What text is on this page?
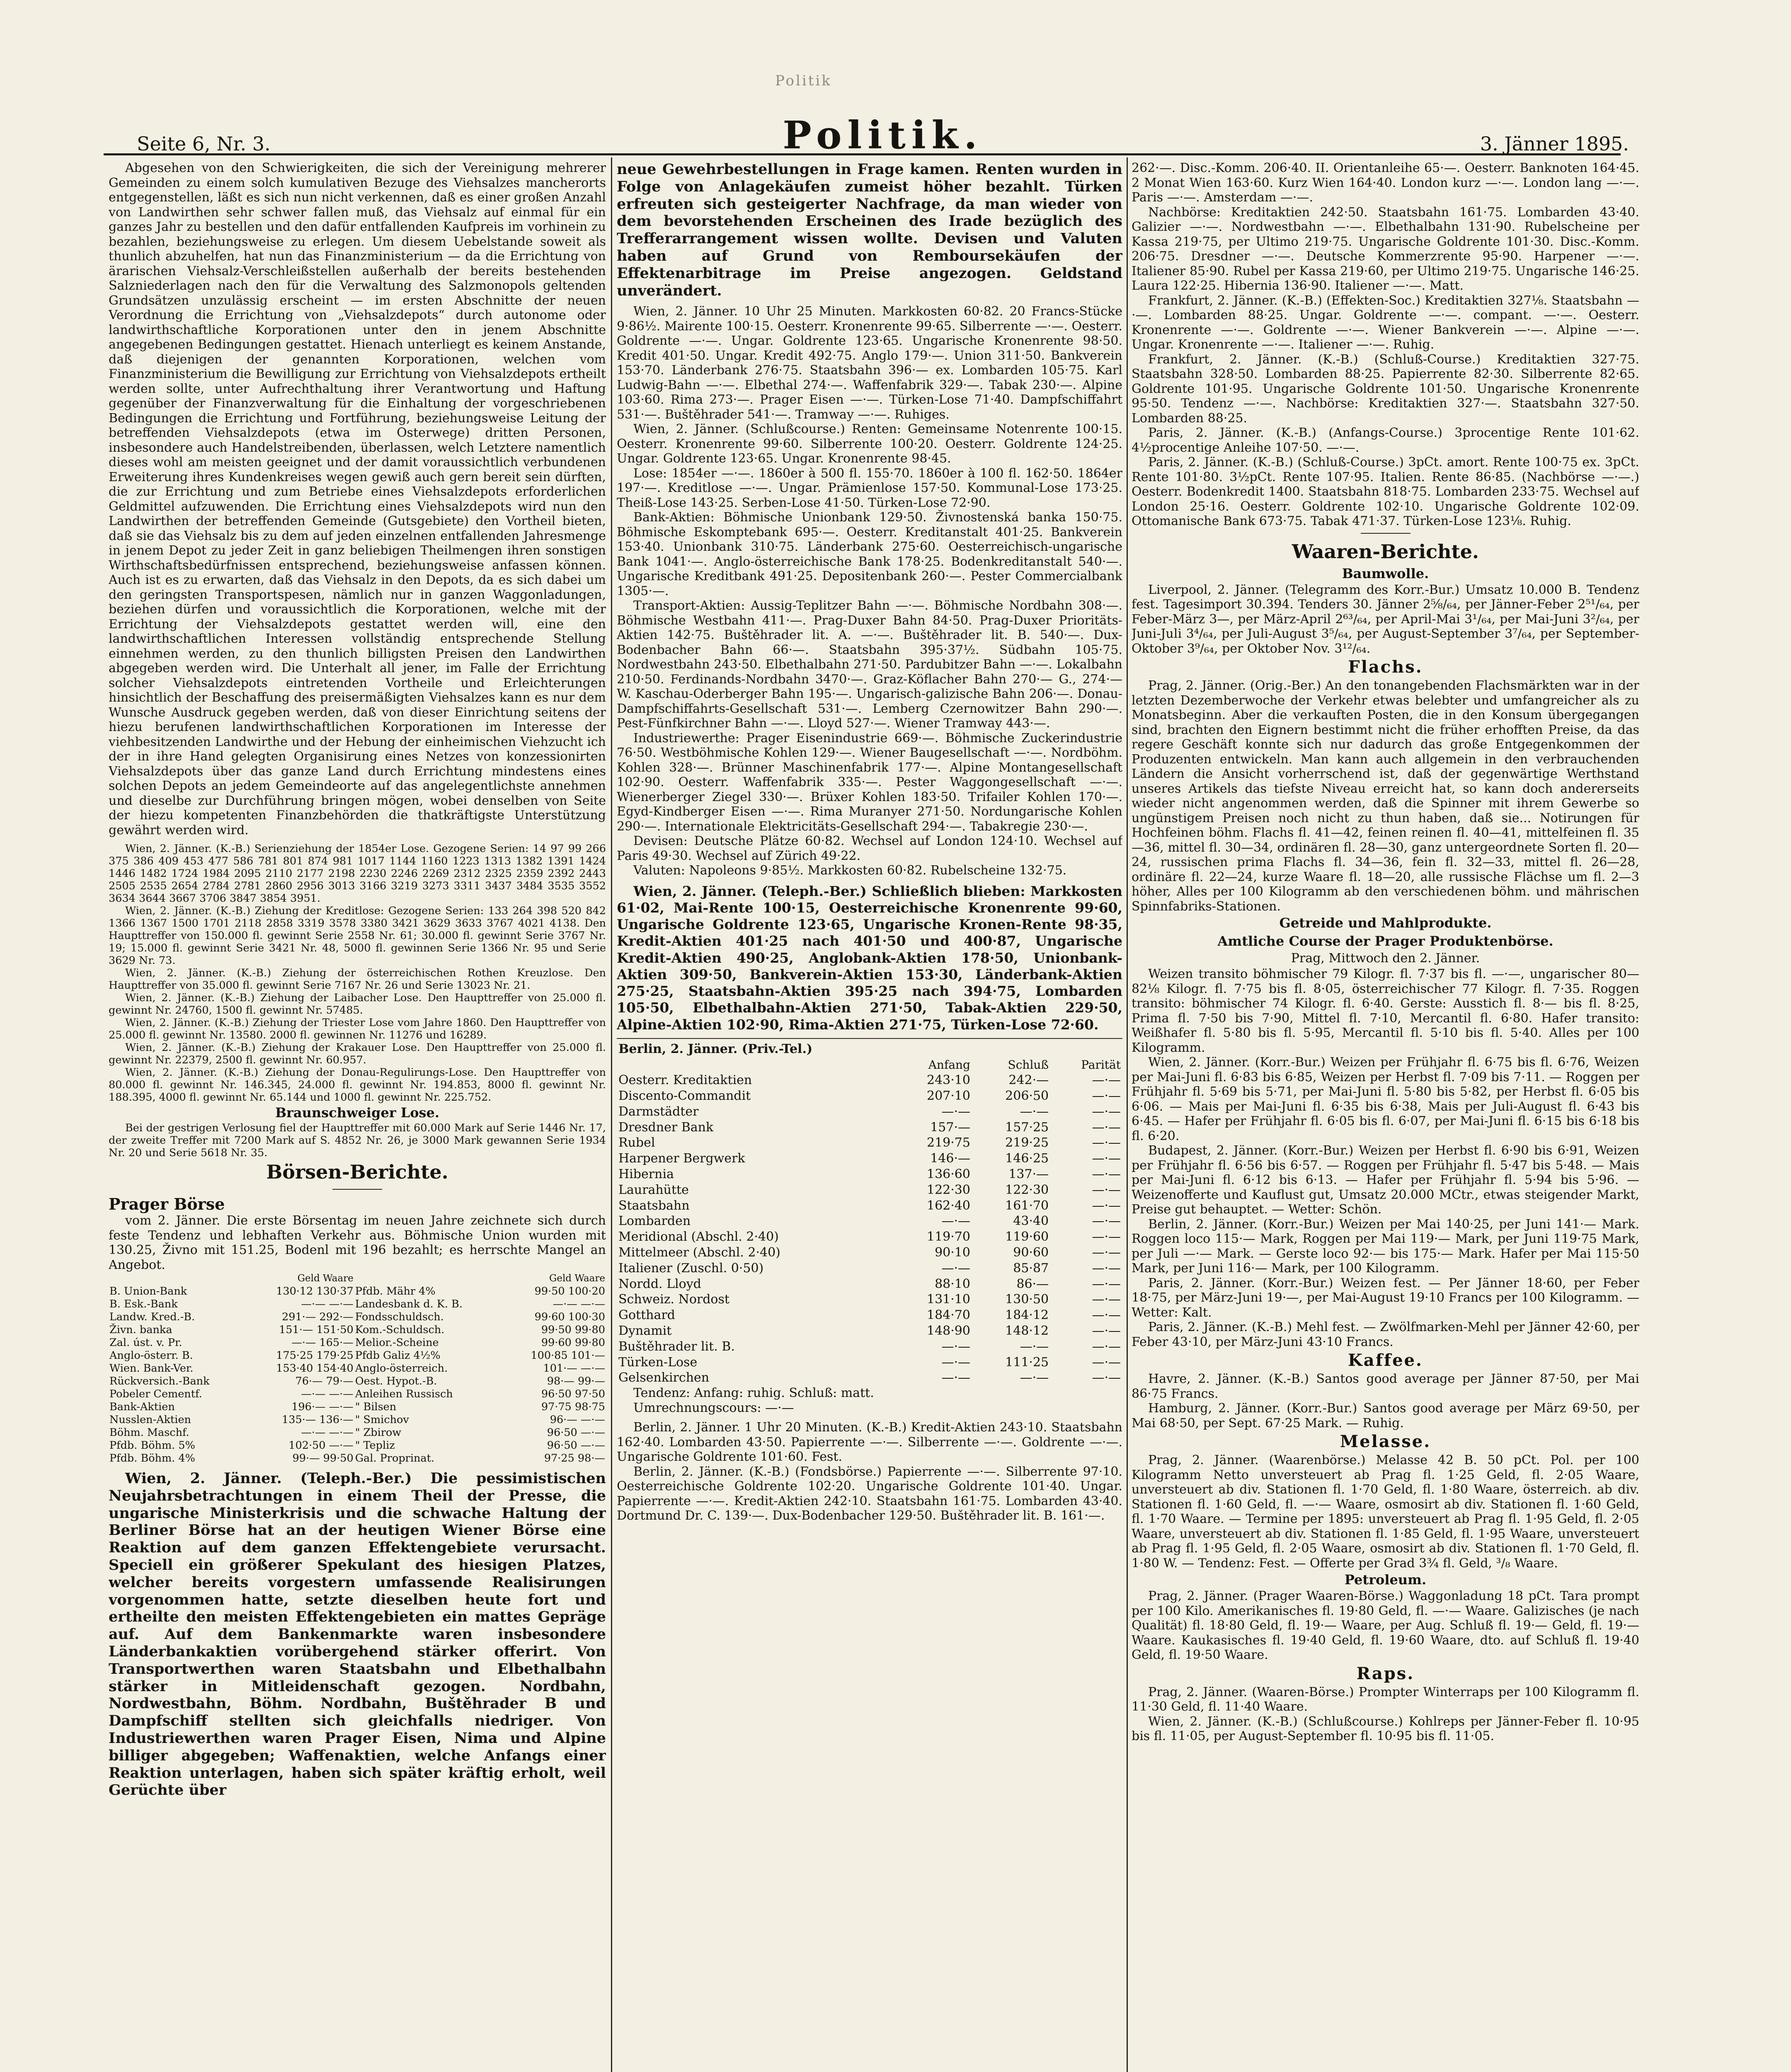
Politik
Seite 6, Nr. 3.	Politik.	3. Jänner 1895.

Abgesehen von den Schwierigkeiten, die sich der Vereinigung mehrerer Gemeinden zu einem solch kumulativen Bezuge des Viehsalzes mancherorts entgegenstellen, läßt es sich nun nicht verkennen, daß es einer großen Anzahl von Landwirthen sehr schwer fallen muß, das Viehsalz auf einmal für ein ganzes Jahr zu bestellen und den dafür entfallenden Kaufpreis im vorhinein zu bezahlen, beziehungsweise zu erlegen. Um diesem Uebelstande soweit als thunlich abzuhelfen, hat nun das Finanzministerium — da die Errichtung von ärarischen Viehsalz-Verschleißstellen außerhalb der bereits bestehenden Salzniederlagen nach den für die Verwaltung des Salzmonopols geltenden Grundsätzen unzulässig erscheint — im ersten Abschnitte der neuen Verordnung die Errichtung von „Viehsalzdepots“ durch autonome oder landwirthschaftliche Korporationen unter den in jenem Abschnitte angegebenen Bedingungen gestattet. Hienach unterliegt es keinem Anstande, daß diejenigen der genannten Korporationen, welchen vom Finanzministerium die Bewilligung zur Errichtung von Viehsalzdepots ertheilt werden sollte, unter Aufrechthaltung ihrer Verantwortung und Haftung gegenüber der Finanzverwaltung für die Einhaltung der vorgeschriebenen Bedingungen die Errichtung und Fortführung, beziehungsweise Leitung der betreffenden Viehsalzdepots (etwa im Osterwege) dritten Personen, insbesondere auch Handelstreibenden, überlassen, welch Letztere namentlich dieses wohl am meisten geeignet und der damit voraussichtlich verbundenen Erweiterung ihres Kundenkreises wegen gewiß auch gern bereit sein dürften, die zur Errichtung und zum Betriebe eines Viehsalzdepots erforderlichen Geldmittel aufzuwenden. Die Errichtung eines Viehsalzdepots wird nun den Landwirthen der betreffenden Gemeinde (Gutsgebiete) den Vortheil bieten, daß sie das Viehsalz bis zu dem auf jeden einzelnen entfallenden Jahresmenge in jenem Depot zu jeder Zeit in ganz beliebigen Theilmengen ihren sonstigen Wirthschaftsbedürfnissen entsprechend, beziehungsweise anfassen können. Auch ist es zu erwarten, daß das Viehsalz in den Depots, da es sich dabei um den geringsten Transportspesen, nämlich nur in ganzen Waggonladungen, beziehen dürfen und voraussichtlich die Korporationen, welche mit der Errichtung der Viehsalzdepots gestattet werden will, eine den landwirthschaftlichen Interessen vollständig entsprechende Stellung einnehmen werden, zu den thunlich billigsten Preisen den Landwirthen abgegeben werden wird. Die Unterhalt all jener, im Falle der Errichtung solcher Viehsalzdepots eintretenden Vortheile und Erleichterungen hinsichtlich der Beschaffung des preisermäßigten Viehsalzes kann es nur dem Wunsche Ausdruck gegeben werden, daß von dieser Einrichtung seitens der hiezu berufenen landwirthschaftlichen Korporationen im Interesse der viehbesitzenden Landwirthe und der Hebung der einheimischen Viehzucht ich der in ihre Hand gelegten Organisirung eines Netzes von konzessionirten Viehsalzdepots über das ganze Land durch Errichtung mindestens eines solchen Depots an jedem Gemeindeorte auf das angelegentlichste annehmen und dieselbe zur Durchführung bringen mögen, wobei denselben von Seite der hiezu kompetenten Finanzbehörden die thatkräftigste Unterstützung gewährt werden wird.

Wien, 2. Jänner. (K.-B.) Serienziehung der 1854er Lose. Gezogene Serien: 14 97 99 266 375 386 409 453 477 586 781 801 874 981 1017 1144 1160 1223 1313 1382 1391 1424 1446 1482 1724 1984 2095 2110 2177 2198 2230 2246 2269 2312 2325 2359 2392 2443 2505 2535 2654 2784 2781 2860 2956 3013 3166 3219 3273 3311 3437 3484 3535 3552 3634 3644 3667 3706 3847 3854 3951.

Wien, 2. Jänner. (K.-B.) Ziehung der Kreditlose: Gezogene Serien: 133 264 398 520 842 1366 1367 1500 1701 2118 2858 3319 3578 3380 3421 3629 3633 3767 4021 4138. Den Haupttreffer von 150.000 fl. gewinnt Serie 2558 Nr. 61; 30.000 fl. gewinnt Serie 3767 Nr. 19; 15.000 fl. gewinnt Serie 3421 Nr. 48, 5000 fl. gewinnen Serie 1366 Nr. 95 und Serie 3629 Nr. 73.

Wien, 2. Jänner. (K.-B.) Ziehung der österreichischen Rothen Kreuzlose. Den Haupttreffer von 35.000 fl. gewinnt Serie 7167 Nr. 26 und Serie 13023 Nr. 21.

Wien, 2. Jänner. (K.-B.) Ziehung der Laibacher Lose. Den Haupttreffer von 25.000 fl. gewinnt Nr. 24760, 1500 fl. gewinnt Nr. 57485.

Wien, 2. Jänner. (K.-B.) Ziehung der Triester Lose vom Jahre 1860. Den Haupttreffer von 25.000 fl. gewinnt Nr. 13580. 2000 fl. gewinnen Nr. 11276 und 16289.

Wien, 2. Jänner. (K.-B.) Ziehung der Krakauer Lose. Den Haupttreffer von 25.000 fl. gewinnt Nr. 22379, 2500 fl. gewinnt Nr. 60.957.

Wien, 2. Jänner. (K.-B.) Ziehung der Donau-Regulirungs-Lose. Den Haupttreffer von 80.000 fl. gewinnt Nr. 146.345, 24.000 fl. gewinnt Nr. 194.853, 8000 fl. gewinnt Nr. 188.395, 4000 fl. gewinnt Nr. 65.144 und 1000 fl. gewinnt Nr. 225.752.

Braunschweiger Lose.

Bei der gestrigen Verlosung fiel der Haupttreffer mit 60.000 Mark auf Serie 1446 Nr. 17, der zweite Treffer mit 7200 Mark auf S. 4852 Nr. 26, je 3000 Mark gewannen Serie 1934 Nr. 20 und Serie 5618 Nr. 35.

Börsen-Berichte.
Prager Börse

vom 2. Jänner. Die erste Börsentag im neuen Jahre zeichnete sich durch feste Tendenz und lebhaften Verkehr aus. Böhmische Union wurden mit 130.25, Živno mit 151.25, Bodenl mit 196 bezahlt; es herrschte Mangel an Angebot.

	Geld Waare		Geld Waare
B. Union-Bank	130·12 130·37	Pfdb. Mähr 4%	99·50 100·20
B. Esk.-Bank	—·— —·—	Landesbank d. K. B.	—·— —·—
Landw. Kred.-B.	291·— 292·—	Fondsschuldsch.	99·60 100·30
Živn. banka	151·— 151·50	Kom.-Schuldsch.	99·50 99·80
Zal. úst. v. Pr.	—·— 165·—	Melior.-Scheine	99·60 99·80
Anglo-österr. B.	175·25 179·25	Pfdb Galiz 4½%	100·85 101·—
Wien. Bank-Ver.	153·40 154·40	Anglo-österreich.	101·— —·—
Rückversich.-Bank	76·— 79·—	Oest. Hypot.-B.	98·— 99·—
Pobeler Cementf.	—·— —·—	Anleihen Russisch	96·50 97·50
Bank-Aktien	196·— —·—	" Bilsen	97·75 98·75
Nusslen-Aktien	135·— 136·—	" Smichov	96·— —·—
Böhm. Maschf.	—·— —·—	" Zbirow	96·50 —·—
Pfdb. Böhm. 5%	102·50 —·—	" Tepliz	96·50 —·—
Pfdb. Böhm. 4%	99·— 99·50	Gal. Proprinat.	97·25 98·—

Wien, 2. Jänner. (Teleph.-Ber.) Die pessimistischen Neujahrsbetrachtungen in einem Theil der Presse, die ungarische Ministerkrisis und die schwache Haltung der Berliner Börse hat an der heutigen Wiener Börse eine Reaktion auf dem ganzen Effektengebiete verursacht. Speciell ein größerer Spekulant des hiesigen Platzes, welcher bereits vorgestern umfassende Realisirungen vorgenommen hatte, setzte dieselben heute fort und ertheilte den meisten Effektengebieten ein mattes Gepräge auf. Auf dem Bankenmarkte waren insbesondere Länderbankaktien vorübergehend stärker offerirt. Von Transportwerthen waren Staatsbahn und Elbethalbahn stärker in Mitleidenschaft gezogen. Nordbahn, Nordwestbahn, Böhm. Nordbahn, Buštěhrader B und Dampfschiff stellten sich gleichfalls niedriger. Von Industriewerthen waren Prager Eisen, Nima und Alpine billiger abgegeben; Waffenaktien, welche Anfangs einer Reaktion unterlagen, haben sich später kräftig erholt, weil Gerüchte über

neue Gewehrbestellungen in Frage kamen. Renten wurden in Folge von Anlagekäufen zumeist höher bezahlt. Türken erfreuten sich gesteigerter Nachfrage, da man wieder von dem bevorstehenden Erscheinen des Irade bezüglich des Trefferarrangement wissen wollte. Devisen und Valuten haben auf Grund von Remboursekäufen der Effektenarbitrage im Preise angezogen. Geldstand unverändert.

Wien, 2. Jänner. 10 Uhr 25 Minuten. Markkosten 60·82. 20 Francs-Stücke 9·86½. Mairente 100·15. Oesterr. Kronenrente 99·65. Silberrente —·—. Oesterr. Goldrente —·—. Ungar. Goldrente 123·65. Ungarische Kronenrente 98·50. Kredit 401·50. Ungar. Kredit 492·75. Anglo 179·—. Union 311·50. Bankverein 153·70. Länderbank 276·75. Staatsbahn 396·— ex. Lombarden 105·75. Karl Ludwig-Bahn —·—. Elbethal 274·—. Waffenfabrik 329·—. Tabak 230·—. Alpine 103·60. Rima 273·—. Prager Eisen —·—. Türken-Lose 71·40. Dampfschiffahrt 531·—. Buštěhrader 541·—. Tramway —·—. Ruhiges.

Wien, 2. Jänner. (Schlußcourse.) Renten: Gemeinsame Notenrente 100·15. Oesterr. Kronenrente 99·60. Silberrente 100·20. Oesterr. Goldrente 124·25. Ungar. Goldrente 123·65. Ungar. Kronenrente 98·45.

Lose: 1854er —·—. 1860er à 500 fl. 155·70. 1860er à 100 fl. 162·50. 1864er 197·—. Kreditlose —·—. Ungar. Prämienlose 157·50. Kommunal-Lose 173·25. Theiß-Lose 143·25. Serben-Lose 41·50. Türken-Lose 72·90.

Bank-Aktien: Böhmische Unionbank 129·50. Živnostenská banka 150·75. Böhmische Eskomptebank 695·—. Oesterr. Kreditanstalt 401·25. Bankverein 153·40. Unionbank 310·75. Länderbank 275·60. Oesterreichisch-ungarische Bank 1041·—. Anglo-österreichische Bank 178·25. Bodenkreditanstalt 540·—. Ungarische Kreditbank 491·25. Depositenbank 260·—. Pester Commercialbank 1305·—.

Transport-Aktien: Aussig-Teplitzer Bahn —·—. Böhmische Nordbahn 308·—. Böhmische Westbahn 411·—. Prag-Duxer Bahn 84·50. Prag-Duxer Prioritäts-Aktien 142·75. Buštěhrader lit. A. —·—. Buštěhrader lit. B. 540·—. Dux-Bodenbacher Bahn 66·—. Staatsbahn 395·37½. Südbahn 105·75. Nordwestbahn 243·50. Elbethalbahn 271·50. Pardubitzer Bahn —·—. Lokalbahn 210·50. Ferdinands-Nordbahn 3470·—. Graz-Köflacher Bahn 270·— G., 274·— W. Kaschau-Oderberger Bahn 195·—. Ungarisch-galizische Bahn 206·—. Donau-Dampfschiffahrts-Gesellschaft 531·—. Lemberg Czernowitzer Bahn 290·—. Pest-Fünfkirchner Bahn —·—. Lloyd 527·—. Wiener Tramway 443·—.

Industriewerthe: Prager Eisenindustrie 669·—. Böhmische Zuckerindustrie 76·50. Westböhmische Kohlen 129·—. Wiener Baugesellschaft —·—. Nordböhm. Kohlen 328·—. Brünner Maschinenfabrik 177·—. Alpine Montangesellschaft 102·90. Oesterr. Waffenfabrik 335·—. Pester Waggongesellschaft —·—. Wienerberger Ziegel 330·—. Brüxer Kohlen 183·50. Trifailer Kohlen 170·—. Egyd-Kindberger Eisen —·—. Rima Muranyer 271·50. Nordungarische Kohlen 290·—. Internationale Elektricitäts-Gesellschaft 294·—. Tabakregie 230·—.

Devisen: Deutsche Plätze 60·82. Wechsel auf London 124·10. Wechsel auf Paris 49·30. Wechsel auf Zürich 49·22.

Valuten: Napoleons 9·85½. Markkosten 60·82. Rubelscheine 132·75.

Wien, 2. Jänner. (Teleph.-Ber.) Schließlich blieben: Markkosten 61·02, Mai-Rente 100·15, Oesterreichische Kronenrente 99·60, Ungarische Goldrente 123·65, Ungarische Kronen-Rente 98·35, Kredit-Aktien 401·25 nach 401·50 und 400·87, Ungarische Kredit-Aktien 490·25, Anglobank-Aktien 178·50, Unionbank-Aktien 309·50, Bankverein-Aktien 153·30, Länderbank-Aktien 275·25, Staatsbahn-Aktien 395·25 nach 394·75, Lombarden 105·50, Elbethalbahn-Aktien 271·50, Tabak-Aktien 229·50, Alpine-Aktien 102·90, Rima-Aktien 271·75, Türken-Lose 72·60.

Berlin, 2. Jänner. (Priv.-Tel.)			
	Anfang	Schluß	Parität
Oesterr. Kreditaktien	243·10	242·—	—·—
Discento-Commandit	207·10	206·50	—·—
Darmstädter	—·—	—·—	—·—
Dresdner Bank	157·—	157·25	—·—
Rubel	219·75	219·25	—·—
Harpener Bergwerk	146·—	146·25	—·—
Hibernia	136·60	137·—	—·—
Laurahütte	122·30	122·30	—·—
Staatsbahn	162·40	161·70	—·—
Lombarden	—·—	43·40	—·—
Meridional (Abschl. 2·40)	119·70	119·60	—·—
Mittelmeer (Abschl. 2·40)	90·10	90·60	—·—
Italiener (Zuschl. 0·50)	—·—	85·87	—·—
Nordd. Lloyd	88·10	86·—	—·—
Schweiz. Nordost	131·10	130·50	—·—
Gotthard	184·70	184·12	—·—
Dynamit	148·90	148·12	—·—
Buštěhrader lit. B.	—·—	—·—	—·—
Türken-Lose	—·—	111·25	—·—
Gelsenkirchen	—·—	—·—	—·—

Tendenz: Anfang: ruhig. Schluß: matt.

Umrechnungscours: —·—

Berlin, 2. Jänner. 1 Uhr 20 Minuten. (K.-B.) Kredit-Aktien 243·10. Staatsbahn 162·40. Lombarden 43·50. Papierrente —·—. Silberrente —·—. Goldrente —·—. Ungarische Goldrente 101·60. Fest.

Berlin, 2. Jänner. (K.-B.) (Fondsbörse.) Papierrente —·—. Silberrente 97·10. Oesterreichische Goldrente 102·20. Ungarische Goldrente 101·40. Ungar. Papierrente —·—. Kredit-Aktien 242·10. Staatsbahn 161·75. Lombarden 43·40. Dortmund Dr. C. 139·—. Dux-Bodenbacher 129·50. Buštěhrader lit. B. 161·—.

262·—. Disc.-Komm. 206·40. II. Orientanleihe 65·—. Oesterr. Banknoten 164·45. 2 Monat Wien 163·60. Kurz Wien 164·40. London kurz —·—. London lang —·—. Paris —·—. Amsterdam —·—.

Nachbörse: Kreditaktien 242·50. Staatsbahn 161·75. Lombarden 43·40. Galizier —·—. Nordwestbahn —·—. Elbethalbahn 131·90. Rubelscheine per Kassa 219·75, per Ultimo 219·75. Ungarische Goldrente 101·30. Disc.-Komm. 206·75. Dresdner —·—. Deutsche Kommerzrente 95·90. Harpener —·—. Italiener 85·90. Rubel per Kassa 219·60, per Ultimo 219·75. Ungarische 146·25. Laura 122·25. Hibernia 136·90. Italiener —·—. Matt.

Frankfurt, 2. Jänner. (K.-B.) (Effekten-Soc.) Kreditaktien 327⅛. Staatsbahn —·—. Lombarden 88·25. Ungar. Goldrente —·—. compant. —·—. Oesterr. Kronenrente —·—. Goldrente —·—. Wiener Bankverein —·—. Alpine —·—. Ungar. Kronenrente —·—. Italiener —·—. Ruhig.

Frankfurt, 2. Jänner. (K.-B.) (Schluß-Course.) Kreditaktien 327·75. Staatsbahn 328·50. Lombarden 88·25. Papierrente 82·30. Silberrente 82·65. Goldrente 101·95. Ungarische Goldrente 101·50. Ungarische Kronenrente 95·50. Tendenz —·—. Nachbörse: Kreditaktien 327·—. Staatsbahn 327·50. Lombarden 88·25.

Paris, 2. Jänner. (K.-B.) (Anfangs-Course.) 3procentige Rente 101·62. 4½procentige Anleihe 107·50. —·—.

Paris, 2. Jänner. (K.-B.) (Schluß-Course.) 3pCt. amort. Rente 100·75 ex. 3pCt. Rente 101·80. 3½pCt. Rente 107·95. Italien. Rente 86·85. (Nachbörse —·—.) Oesterr. Bodenkredit 1400. Staatsbahn 818·75. Lombarden 233·75. Wechsel auf London 25·16. Oesterr. Goldrente 102·10. Ungarische Goldrente 102·09. Ottomanische Bank 673·75. Tabak 471·37. Türken-Lose 123⅛. Ruhig.

Waaren-Berichte.
Baumwolle.

Liverpool, 2. Jänner. (Telegramm des Korr.-Bur.) Umsatz 10.000 B. Tendenz fest. Tagesimport 30.394. Tenders 30. Jänner 2⅝/₆₄, per Jänner-Feber 2⁵¹/₆₄, per Feber-März 3—, per März-April 2⁶³/₆₄, per April-Mai 3¹/₆₄, per Mai-Juni 3²/₆₄, per Juni-Juli 3⁴/₆₄, per Juli-August 3⁵/₆₄, per August-September 3⁷/₆₄, per September-Oktober 3⁹/₆₄, per Oktober Nov. 3¹²/₆₄.

Flachs.

Prag, 2. Jänner. (Orig.-Ber.) An den tonangebenden Flachsmärkten war in der letzten Dezemberwoche der Verkehr etwas belebter und umfangreicher als zu Monatsbeginn. Aber die verkauften Posten, die in den Konsum übergegangen sind, brachten den Eignern bestimmt nicht die früher erhofften Preise, da das regere Geschäft konnte sich nur dadurch das große Entgegenkommen der Produzenten entwickeln. Man kann auch allgemein in den verbrauchenden Ländern die Ansicht vorherrschend ist, daß der gegenwärtige Werthstand unseres Artikels das tiefste Niveau erreicht hat, so kann doch andererseits wieder nicht angenommen werden, daß die Spinner mit ihrem Gewerbe so ungünstigem Preisen noch nicht zu thun haben, daß sie... Notirungen für Hochfeinen böhm. Flachs fl. 41—42, feinen reinen fl. 40—41, mittelfeinen fl. 35—36, mittel fl. 30—34, ordinären fl. 28—30, ganz untergeordnete Sorten fl. 20—24, russischen prima Flachs fl. 34—36, fein fl. 32—33, mittel fl. 26—28, ordinäre fl. 22—24, kurze Waare fl. 18—20, alle russische Flächse um fl. 2—3 höher, Alles per 100 Kilogramm ab den verschiedenen böhm. und mährischen Spinnfabriks-Stationen.

Getreide und Mahlprodukte.
Amtliche Course der Prager Produktenbörse.
Prag, Mittwoch den 2. Jänner.

Weizen transito böhmischer 79 Kilogr. fl. 7·37 bis fl. —·—, ungarischer 80—82⅛ Kilogr. fl. 7·75 bis fl. 8·05, österreichischer 77 Kilogr. fl. 7·35. Roggen transito: böhmischer 74 Kilogr. fl. 6·40. Gerste: Ausstich fl. 8·— bis fl. 8·25, Prima fl. 7·50 bis 7·90, Mittel fl. 7·10, Mercantil fl. 6·80. Hafer transito: Weißhafer fl. 5·80 bis fl. 5·95, Mercantil fl. 5·10 bis fl. 5·40. Alles per 100 Kilogramm.

Wien, 2. Jänner. (Korr.-Bur.) Weizen per Frühjahr fl. 6·75 bis fl. 6·76, Weizen per Mai-Juni fl. 6·83 bis 6·85, Weizen per Herbst fl. 7·09 bis 7·11. — Roggen per Frühjahr fl. 5·69 bis 5·71, per Mai-Juni fl. 5·80 bis 5·82, per Herbst fl. 6·05 bis 6·06. — Mais per Mai-Juni fl. 6·35 bis 6·38, Mais per Juli-August fl. 6·43 bis 6·45. — Hafer per Frühjahr fl. 6·05 bis fl. 6·07, per Mai-Juni fl. 6·15 bis 6·18 bis fl. 6·20.

Budapest, 2. Jänner. (Korr.-Bur.) Weizen per Herbst fl. 6·90 bis 6·91, Weizen per Frühjahr fl. 6·56 bis 6·57. — Roggen per Frühjahr fl. 5·47 bis 5·48. — Mais per Mai-Juni fl. 6·12 bis 6·13. — Hafer per Frühjahr fl. 5·94 bis 5·96. — Weizenofferte und Kauflust gut, Umsatz 20.000 MCtr., etwas steigender Markt, Preise gut behauptet. — Wetter: Schön.

Berlin, 2. Jänner. (Korr.-Bur.) Weizen per Mai 140·25, per Juni 141·— Mark. Roggen loco 115·— Mark, Roggen per Mai 119·— Mark, per Juni 119·75 Mark, per Juli —·— Mark. — Gerste loco 92·— bis 175·— Mark. Hafer per Mai 115·50 Mark, per Juni 116·— Mark, per 100 Kilogramm.

Paris, 2. Jänner. (Korr.-Bur.) Weizen fest. — Per Jänner 18·60, per Feber 18·75, per März-Juni 19·—, per Mai-August 19·10 Francs per 100 Kilogramm. — Wetter: Kalt.

Paris, 2. Jänner. (K.-B.) Mehl fest. — Zwölfmarken-Mehl per Jänner 42·60, per Feber 43·10, per März-Juni 43·10 Francs.

Kaffee.

Havre, 2. Jänner. (K.-B.) Santos good average per Jänner 87·50, per Mai 86·75 Francs.

Hamburg, 2. Jänner. (Korr.-Bur.) Santos good average per März 69·50, per Mai 68·50, per Sept. 67·25 Mark. — Ruhig.

Melasse.

Prag, 2. Jänner. (Waarenbörse.) Melasse 42 B. 50 pCt. Pol. per 100 Kilogramm Netto unversteuert ab Prag fl. 1·25 Geld, fl. 2·05 Waare, unversteuert ab div. Stationen fl. 1·70 Geld, fl. 1·80 Waare, österreich. ab div. Stationen fl. 1·60 Geld, fl. —·— Waare, osmosirt ab div. Stationen fl. 1·60 Geld, fl. 1·70 Waare. — Termine per 1895: unversteuert ab Prag fl. 1·95 Geld, fl. 2·05 Waare, unversteuert ab div. Stationen fl. 1·85 Geld, fl. 1·95 Waare, unversteuert ab Prag fl. 1·95 Geld, fl. 2·05 Waare, osmosirt ab div. Stationen fl. 1·70 Geld, fl. 1·80 W. — Tendenz: Fest. — Offerte per Grad 3¾ fl. Geld, ³/₈ Waare.

Petroleum.

Prag, 2. Jänner. (Prager Waaren-Börse.) Waggonladung 18 pCt. Tara prompt per 100 Kilo. Amerikanisches fl. 19·80 Geld, fl. —·— Waare. Galizisches (je nach Qualität) fl. 18·80 Geld, fl. 19·— Waare, per Aug. Schluß fl. 19·— Geld, fl. 19·— Waare. Kaukasisches fl. 19·40 Geld, fl. 19·60 Waare, dto. auf Schluß fl. 19·40 Geld, fl. 19·50 Waare.

Raps.

Prag, 2. Jänner. (Waaren-Börse.) Prompter Winterraps per 100 Kilogramm fl. 11·30 Geld, fl. 11·40 Waare.

Wien, 2. Jänner. (K.-B.) (Schlußcourse.) Kohlreps per Jänner-Feber fl. 10·95 bis fl. 11·05, per August-September fl. 10·95 bis fl. 11·05.
